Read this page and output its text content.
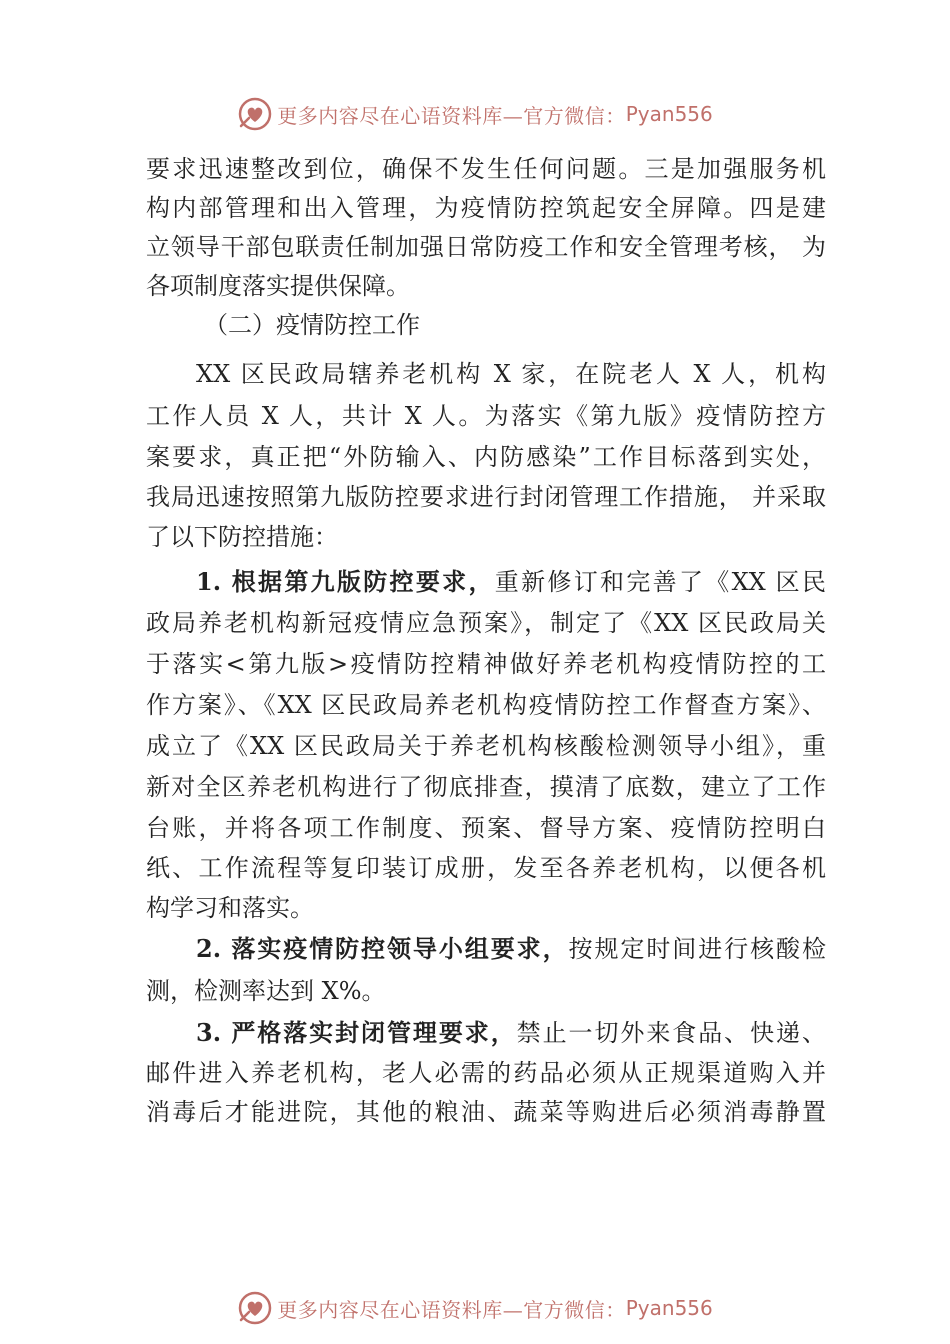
更多内容尽在心语资料库—官方微信： Pyan556
要求迅速整改到位，确保不发生任何问题。三是加强服务机
构内部管理和出入管理，为疫情防控筑起安全屏障。四是建
立领导干部包联责任制加强日常防疫工作和安全管理考核， 为
各项制度落实提供保障。
（二）疫情防控工作
XX 区民政局辖养老机构 X 家，在院老人 X 人，机构
工作人员 X 人，共计 X 人。为落实《第九版》疫情防控方
案要求，真正把“外防输入、内防感染”工作目标落到实处，
我局迅速按照第九版防控要求进行封闭管理工作措施， 并采取
了以下防控措施：
1. 根据第九版防控要求，重新修订和完善了《XX 区民
政局养老机构新冠疫情应急预案》，制定了《XX 区民政局关
于落实<第九版>疫情防控精神做好养老机构疫情防控的工
作方案》、《XX 区民政局养老机构疫情防控工作督查方案》、
成立了《XX 区民政局关于养老机构核酸检测领导小组》，重
新对全区养老机构进行了彻底排查，摸清了底数，建立了工作
台账，并将各项工作制度、预案、督导方案、疫情防控明白
纸、工作流程等复印装订成册，发至各养老机构，以便各机
构学习和落实。
2. 落实疫情防控领导小组要求，按规定时间进行核酸检
测，检测率达到 X%。
3. 严格落实封闭管理要求，禁止一切外来食品、快递、
邮件进入养老机构，老人必需的药品必须从正规渠道购入并
消毒后才能进院，其他的粮油、蔬菜等购进后必须消毒静置
更多内容尽在心语资料库—官方微信： Pyan556
